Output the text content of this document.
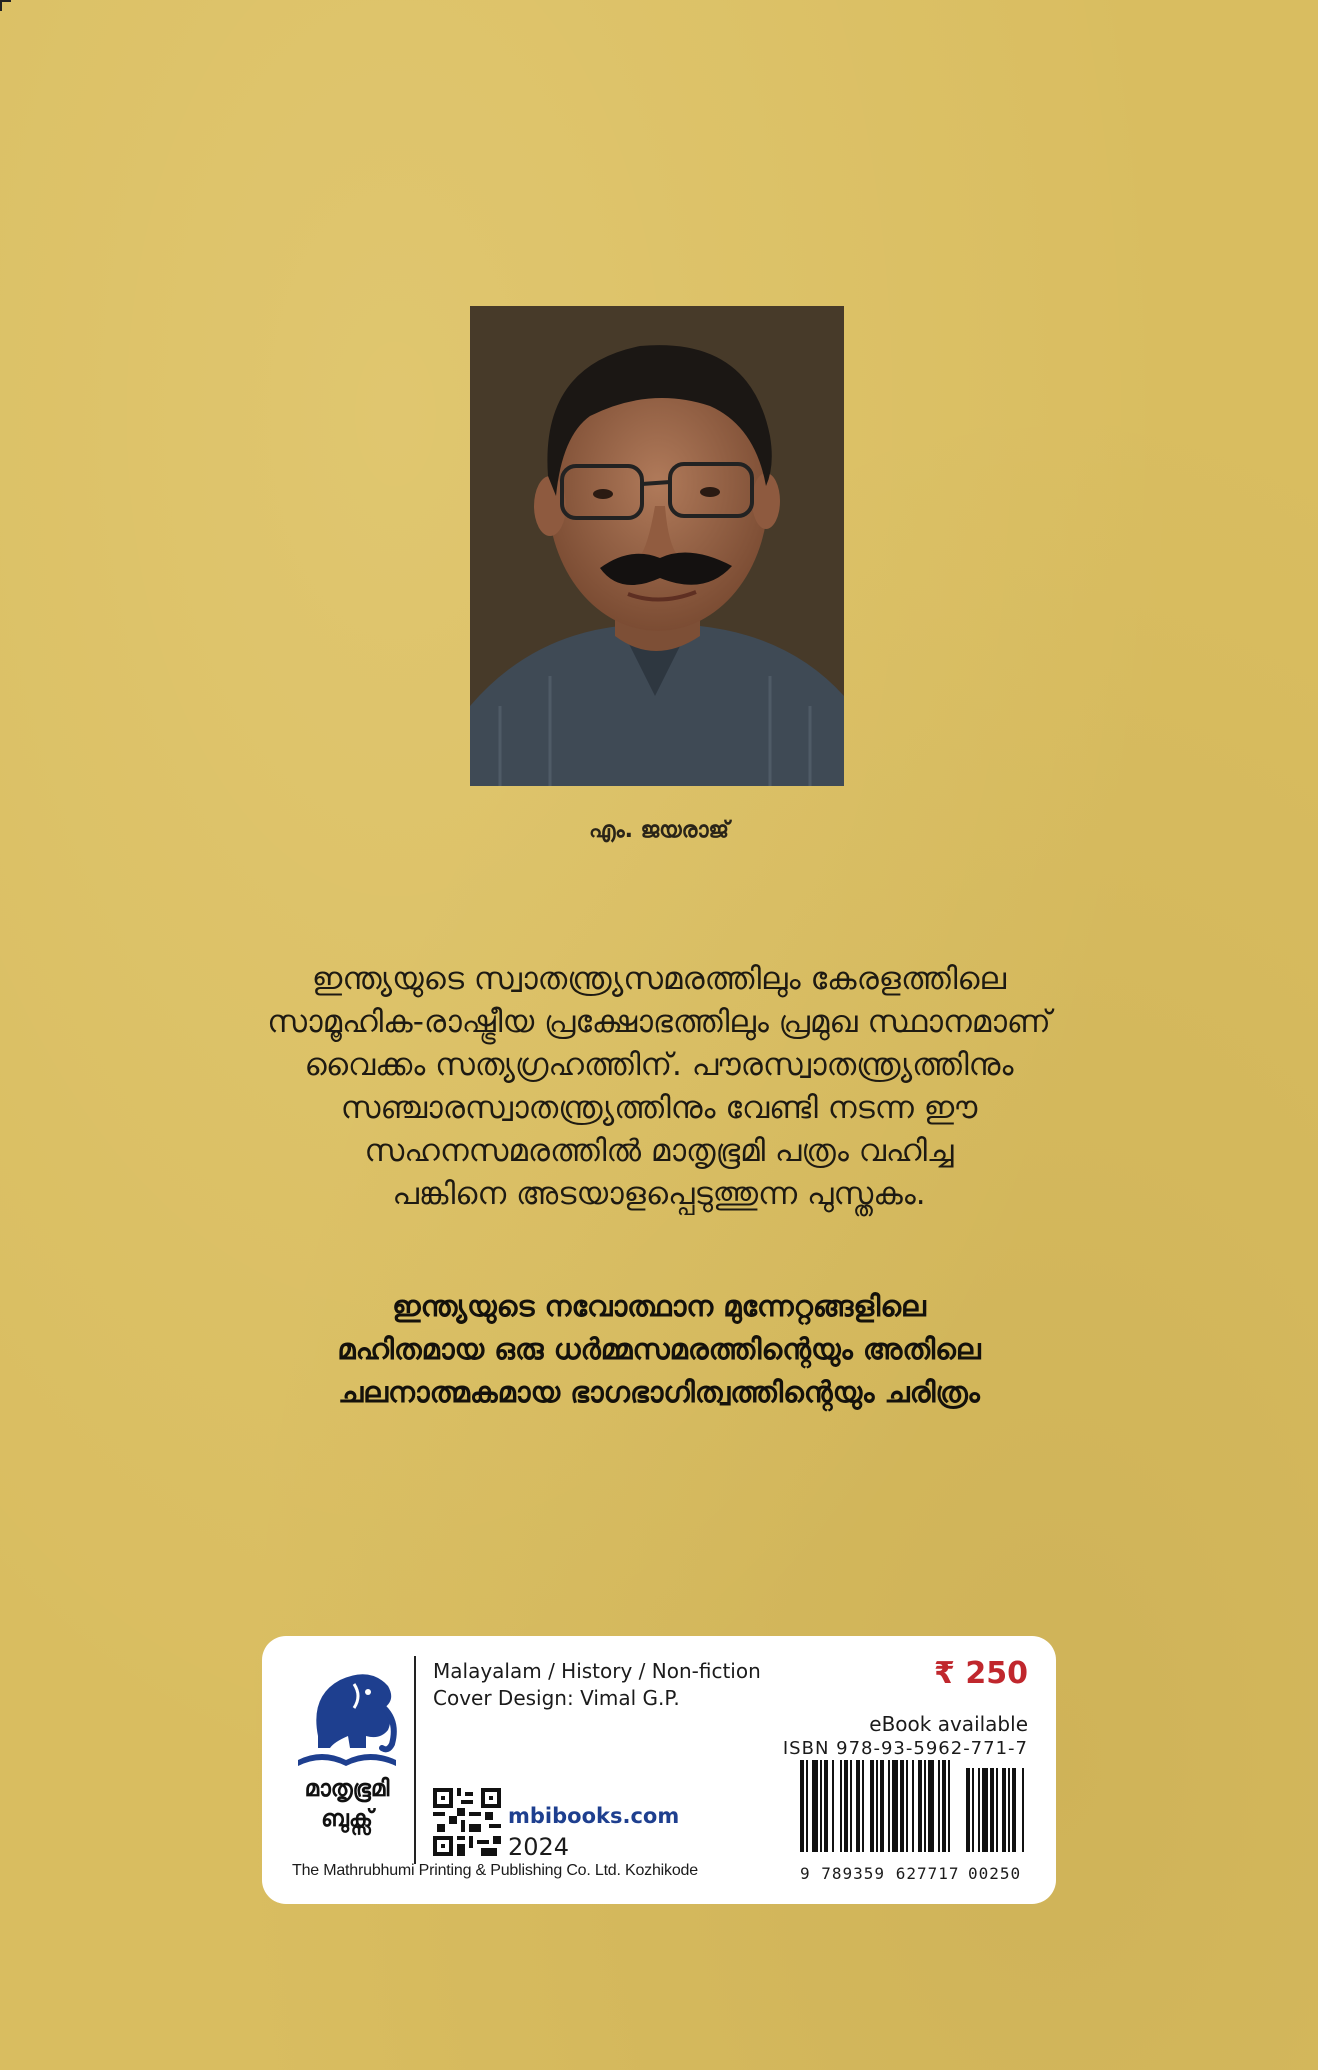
എം. ജയരാജ്

ഇന്ത്യയുടെ സ്വാതന്ത്ര്യസമരത്തിലും കേരളത്തിലെ

സാമൂഹിക-രാഷ്ട്രീയ പ്രക്ഷോഭത്തിലും പ്രമുഖ സ്ഥാനമാണ്

വൈക്കം സത്യഗ്രഹത്തിന്. പൗരസ്വാതന്ത്ര്യത്തിനും

സഞ്ചാരസ്വാതന്ത്ര്യത്തിനും വേണ്ടി നടന്ന ഈ

സഹനസമരത്തിൽ മാതൃഭൂമി പത്രം വഹിച്ച

പങ്കിനെ അടയാളപ്പെടുത്തുന്ന പുസ്തകം.

ഇന്ത്യയുടെ നവോത്ഥാന മുന്നേറ്റങ്ങളിലെ

മഹിതമായ ഒരു ധർമ്മസമരത്തിന്റെയും അതിലെ

ചലനാത്മകമായ ഭാഗഭാഗിത്വത്തിന്റെയും ചരിത്രം

മാതൃഭൂമി
ബുക്സ്
Malayalam / History / Non-fiction
Cover Design: Vimal G.P.
₹ 250
eBook available
ISBN 978-93-5962-771-7
mbibooks.com
2024
The Mathrubhumi Printing & Publishing Co. Ltd. Kozhikode	9 789359 627717 00250
